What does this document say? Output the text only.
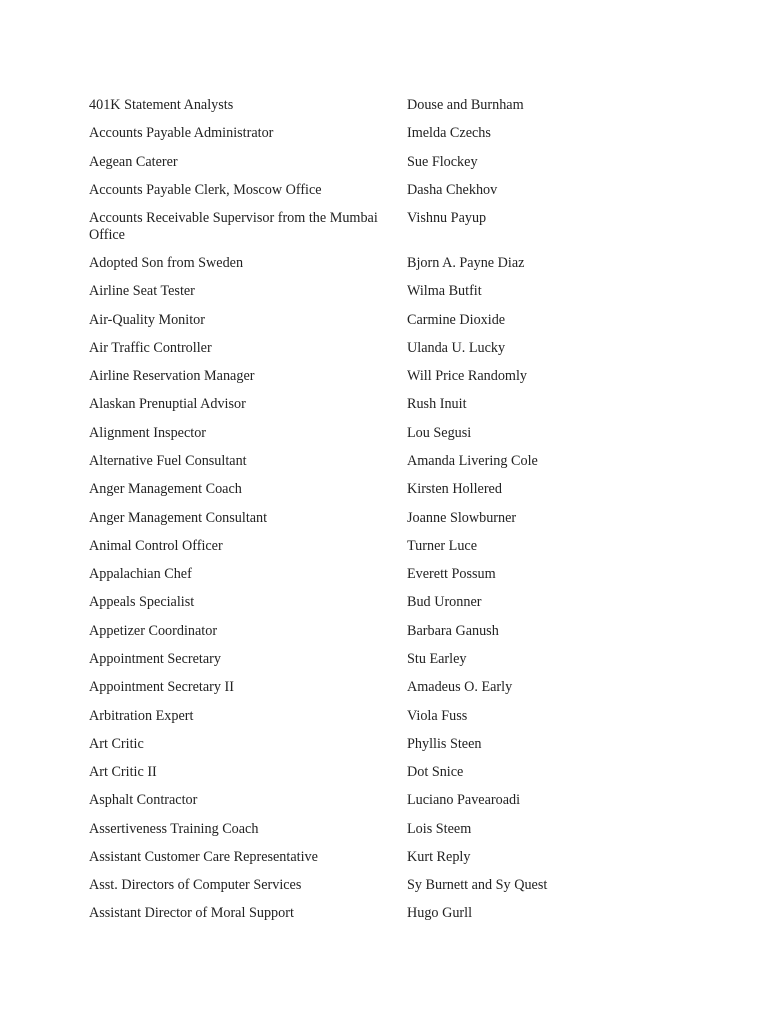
401K Statement Analysts	Douse and Burnham
Accounts Payable Administrator	Imelda Czechs
Aegean Caterer	Sue Flockey
Accounts Payable Clerk, Moscow Office	Dasha Chekhov
Accounts Receivable Supervisor from the Mumbai Office	Vishnu Payup
Adopted Son from Sweden	Bjorn A. Payne Diaz
Airline Seat Tester	Wilma Butfit
Air-Quality Monitor	Carmine Dioxide
Air Traffic Controller	Ulanda U. Lucky
Airline Reservation Manager	Will Price Randomly
Alaskan Prenuptial Advisor	Rush Inuit
Alignment Inspector	Lou Segusi
Alternative Fuel Consultant	Amanda Livering Cole
Anger Management Coach	Kirsten Hollered
Anger Management Consultant	Joanne Slowburner
Animal Control Officer	Turner Luce
Appalachian Chef	Everett Possum
Appeals Specialist	Bud Uronner
Appetizer Coordinator	Barbara Ganush
Appointment Secretary	Stu Earley
Appointment Secretary II	Amadeus O. Early
Arbitration Expert	Viola Fuss
Art Critic	Phyllis Steen
Art Critic II	Dot Snice
Asphalt Contractor	Luciano Pavearoadi
Assertiveness Training Coach	Lois Steem
Assistant Customer Care Representative	Kurt Reply
Asst. Directors of Computer Services	Sy Burnett and Sy Quest
Assistant Director of Moral Support	Hugo Gurll
